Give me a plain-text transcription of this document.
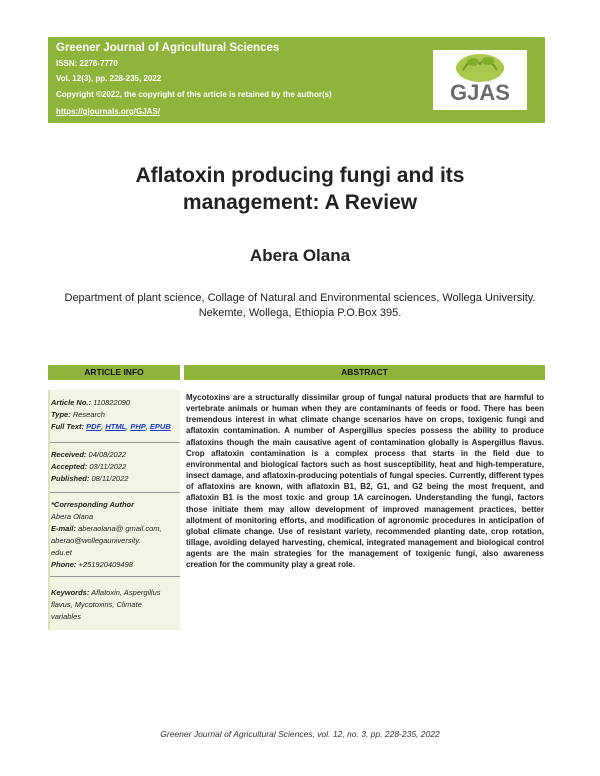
Greener Journal of Agricultural Sciences
ISSN: 2276-7770
Vol. 12(3), pp. 228-235, 2022
Copyright ©2022, the copyright of this article is retained by the author(s)
https://gjournals.org/GJAS/
GJAS
Aflatoxin producing fungi and its
management: A Review
Abera Olana
Department of plant science, Collage of Natural and Environmental sciences, Wollega University.
Nekemte, Wollega, Ethiopia P.O.Box 395.
ARTICLE INFO	ABSTRACT
Article No.: 110822090
Type: Research
Full Text: PDF, HTML, PHP, EPUB
Received: 04/08/2022
Accepted: 03/11/2022
Published: 08/11/2022
*Corresponding Author
Abera Olana
E-mail: aberaolana@ gmail.com,
aberao@wollegauniversity.
edu.et
Phone: +251920409498
Keywords: Aflatoxin, Aspergillus
flavus, Mycotoxins, Climate
variables
Mycotoxins are a structurally dissimilar group of fungal natural products that are harmful to vertebrate animals or human when they are contaminants of feeds or food. There has been tremendous interest in what climate change scenarios have on crops, toxigenic fungi and aflatoxin contamination. A number of Aspergillus species possess the ability to produce aflatoxins though the main causative agent of contamination globally is Aspergillus flavus. Crop aflatoxin contamination is a complex process that starts in the field due to environmental and biological factors such as host susceptibility, heat and high-temperature, insect damage, and aflatoxin-producing potentials of fungal species. Currently, different types of aflatoxins are known, with aflatoxin B1, B2, G1, and G2 being the most frequent, and aflatoxin B1 is the most toxic and group 1A carcinogen. Understanding the fungi, factors those initiate them may allow development of improved management practices, better allotment of monitoring efforts, and modification of agronomic procedures in anticipation of global climate change. Use of resistant variety, recommended planting date, crop rotation, tillage, avoiding delayed harvesting, chemical, integrated management and biological control agents are the main strategies for the management of toxigenic fungi, also awareness creation for the community play a great role.
Greener Journal of Agricultural Sciences, vol. 12, no. 3, pp. 228-235, 2022
